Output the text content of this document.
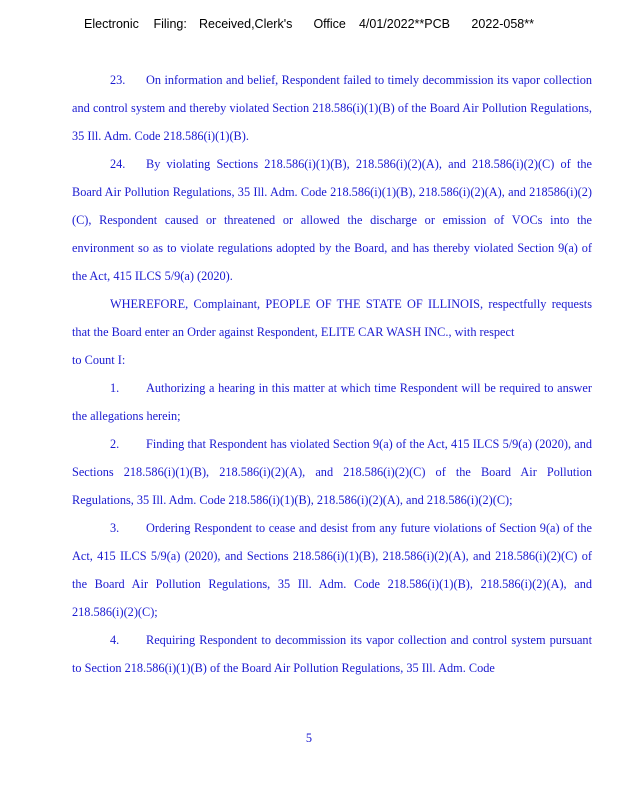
Electronic Filing: Received,Clerk's Office 4/01/2022**PCB 2022-058**

23. On information and belief, Respondent failed to timely decommission its vapor collection and control system and thereby violated Section 218.586(i)(1)(B) of the Board Air Pollution Regulations, 35 Ill. Adm. Code 218.586(i)(1)(B).

24. By violating Sections 218.586(i)(1)(B), 218.586(i)(2)(A), and 218.586(i)(2)(C) of the Board Air Pollution Regulations, 35 Ill. Adm. Code 218.586(i)(1)(B), 218.586(i)(2)(A), and 218586(i)(2)(C), Respondent caused or threatened or allowed the discharge or emission of VOCs into the environment so as to violate regulations adopted by the Board, and has thereby violated Section 9(a) of the Act, 415 ILCS 5/9(a) (2020).

WHEREFORE, Complainant, PEOPLE OF THE STATE OF ILLINOIS, respectfully requests that the Board enter an Order against Respondent, ELITE CAR WASH INC., with respect

to Count I:

1. Authorizing a hearing in this matter at which time Respondent will be required to answer the allegations herein;

2. Finding that Respondent has violated Section 9(a) of the Act, 415 ILCS 5/9(a) (2020), and Sections 218.586(i)(1)(B), 218.586(i)(2)(A), and 218.586(i)(2)(C) of the Board Air Pollution Regulations, 35 Ill. Adm. Code 218.586(i)(1)(B), 218.586(i)(2)(A), and 218.586(i)(2)(C);

3. Ordering Respondent to cease and desist from any future violations of Section 9(a) of the Act, 415 ILCS 5/9(a) (2020), and Sections 218.586(i)(1)(B), 218.586(i)(2)(A), and 218.586(i)(2)(C) of the Board Air Pollution Regulations, 35 Ill. Adm. Code 218.586(i)(1)(B), 218.586(i)(2)(A), and 218.586(i)(2)(C);

4. Requiring Respondent to decommission its vapor collection and control system pursuant to Section 218.586(i)(1)(B) of the Board Air Pollution Regulations, 35 Ill. Adm. Code

5
